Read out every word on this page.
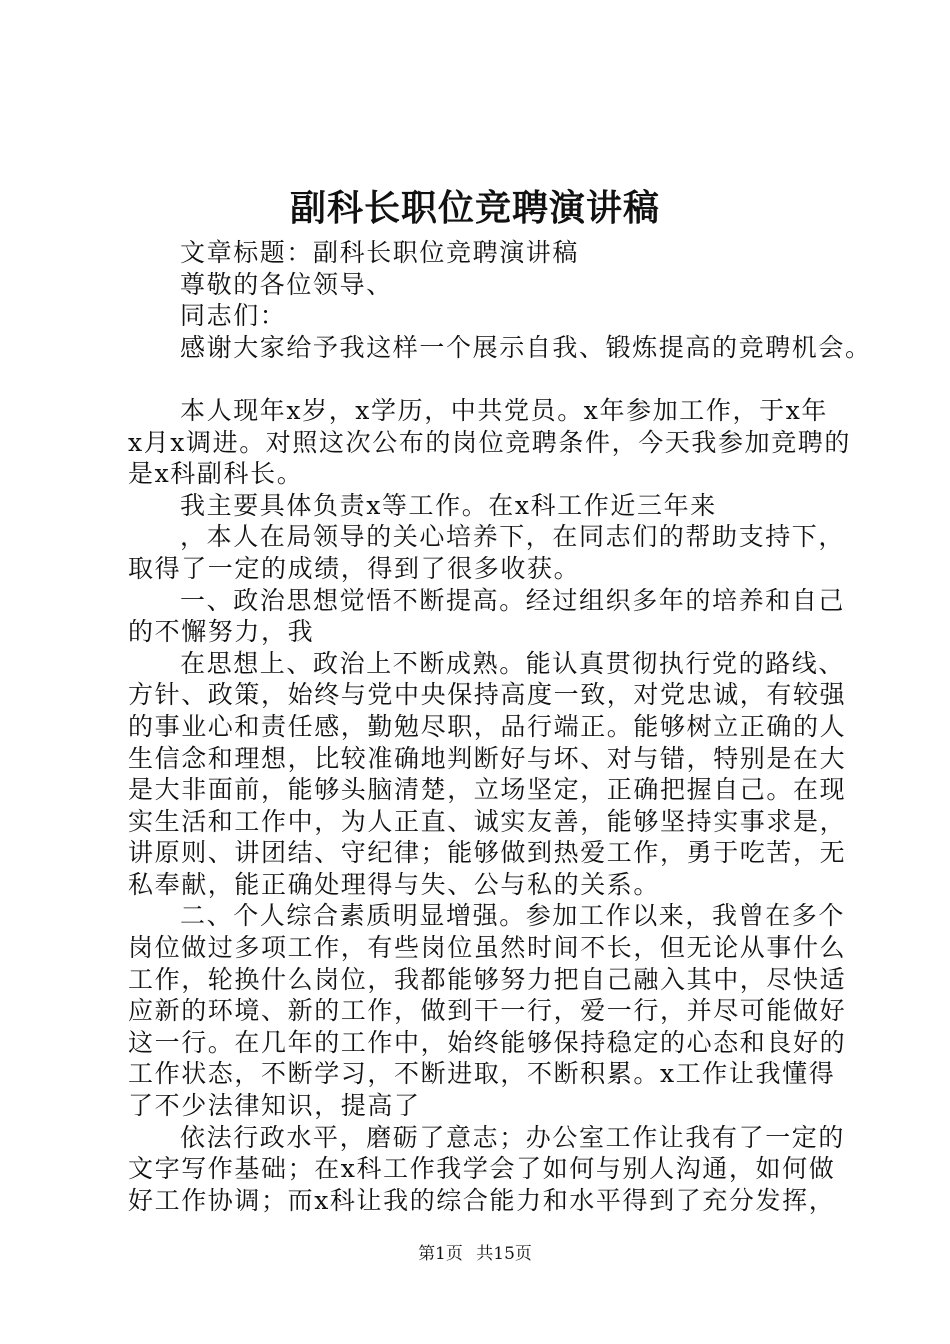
副科长职位竞聘演讲稿
文章标题：副科长职位竞聘演讲稿
尊敬的各位领导、
同志们：
感谢大家给予我这样一个展示自我、锻炼提高的竞聘机会。
本人现年x岁，x学历，中共党员。x年参加工作，于x年
x月x调进。对照这次公布的岗位竞聘条件，今天我参加竞聘的
是x科副科长。
我主要具体负责x等工作。在x科工作近三年来
，本人在局领导的关心培养下，在同志们的帮助支持下，
取得了一定的成绩，得到了很多收获。
一、政治思想觉悟不断提高。经过组织多年的培养和自己
的不懈努力，我
在思想上、政治上不断成熟。能认真贯彻执行党的路线、
方针、政策，始终与党中央保持高度一致，对党忠诚，有较强
的事业心和责任感，勤勉尽职，品行端正。能够树立正确的人
生信念和理想，比较准确地判断好与坏、对与错，特别是在大
是大非面前，能够头脑清楚，立场坚定，正确把握自己。在现
实生活和工作中，为人正直、诚实友善，能够坚持实事求是，
讲原则、讲团结、守纪律；能够做到热爱工作，勇于吃苦，无
私奉献，能正确处理得与失、公与私的关系。
二、个人综合素质明显增强。参加工作以来，我曾在多个
岗位做过多项工作，有些岗位虽然时间不长，但无论从事什么
工作，轮换什么岗位，我都能够努力把自己融入其中，尽快适
应新的环境、新的工作，做到干一行，爱一行，并尽可能做好
这一行。在几年的工作中，始终能够保持稳定的心态和良好的
工作状态，不断学习，不断进取，不断积累。x工作让我懂得
了不少法律知识，提高了
依法行政水平，磨砺了意志；办公室工作让我有了一定的
文字写作基础；在x科工作我学会了如何与别人沟通，如何做
好工作协调；而x科让我的综合能力和水平得到了充分发挥，
第1页 共15页
